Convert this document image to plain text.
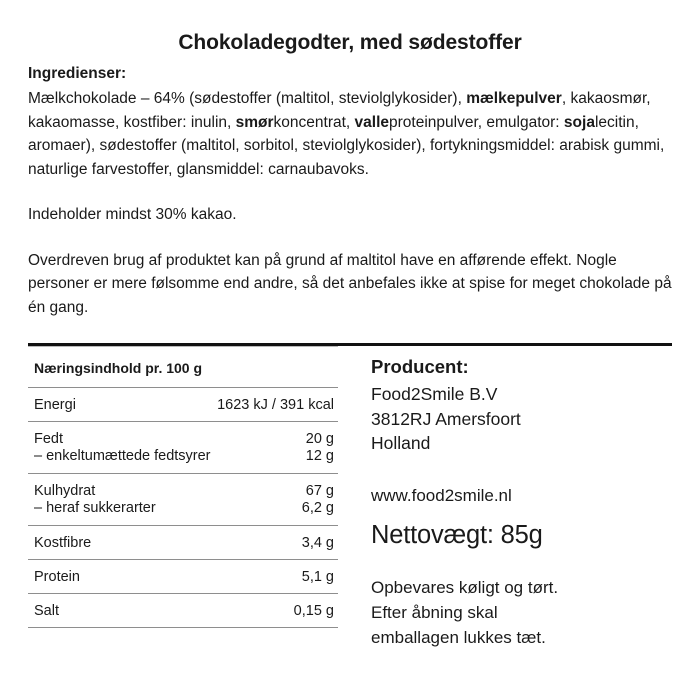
Chokoladegodter, med sødestoffer
Ingredienser:

Mælkchokolade – 64% (sødestoffer (maltitol, steviolglykosider), mælkepulver, kakaosmør, kakaomasse, kostfiber: inulin, smørkoncentrat, valleproteinpulver, emulgator: sojalecitin, aromaer), sødestoffer (maltitol, sorbitol, steviolglykosider), fortykningsmiddel: arabisk gummi, naturlige farvestoffer, glansmiddel: carnaubavoks.

Indeholder mindst 30% kakao.

Overdreven brug af produktet kan på grund af maltitol have en afførende effekt. Nogle personer er mere følsomme end andre, så det anbefales ikke at spise for meget chokolade på én gang.

Næringsindhold pr. 100 g	
Energi	1623 kJ / 391 kcal
Fedt	20 g
– enkeltumættede fedtsyrer	12 g
Kulhydrat	67 g
– heraf sukkerarter	6,2 g
Kostfibre	3,4 g
Protein	5,1 g
Salt	0,15 g
Producent:
Food2Smile B.V
3812RJ Amersfoort
Holland
www.food2smile.nl
Nettovægt: 85g
Opbevares køligt og tørt.
Efter åbning skal
emballagen lukkes tæt.
